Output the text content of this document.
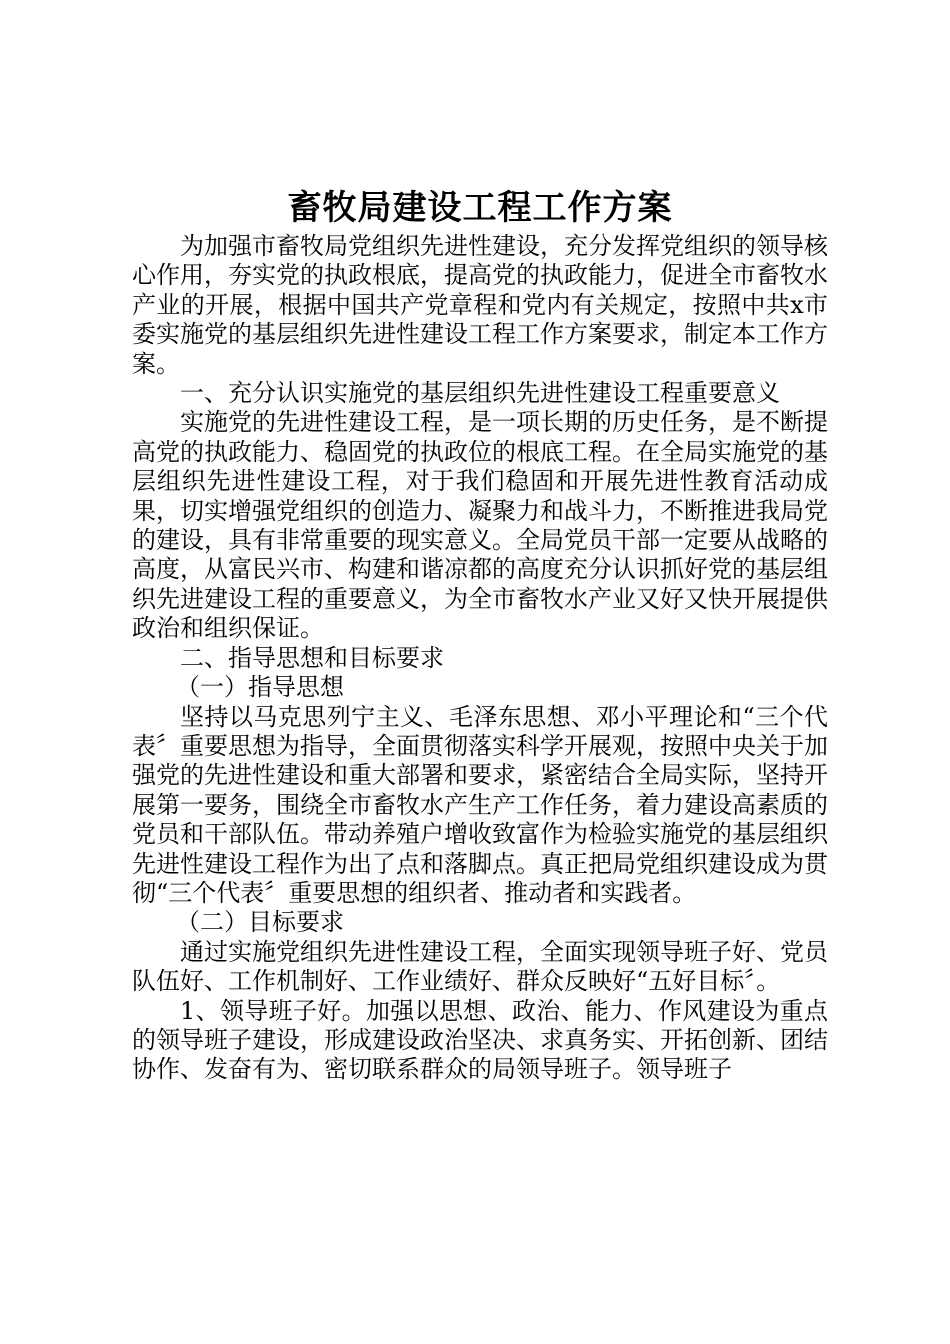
畜牧局建设工程工作方案

为加强市畜牧局党组织先进性建设，充分发挥党组织的领导核心作用，夯实党的执政根底，提高党的执政能力，促进全市畜牧水产业的开展，根据中国共产党章程和党内有关规定，按照中共x市委实施党的基层组织先进性建设工程工作方案要求，制定本工作方案。

一、充分认识实施党的基层组织先进性建设工程重要意义

实施党的先进性建设工程，是一项长期的历史任务，是不断提高党的执政能力、稳固党的执政位的根底工程。在全局实施党的基层组织先进性建设工程，对于我们稳固和开展先进性教育活动成果，切实增强党组织的创造力、凝聚力和战斗力，不断推进我局党的建设，具有非常重要的现实意义。全局党员干部一定要从战略的高度，从富民兴市、构建和谐凉都的高度充分认识抓好党的基层组织先进建设工程的重要意义，为全市畜牧水产业又好又快开展提供政治和组织保证。

二、指导思想和目标要求

（一）指导思想

坚持以马克思列宁主义、毛泽东思想、邓小平理论和“三个代表〞重要思想为指导，全面贯彻落实科学开展观，按照中央关于加强党的先进性建设和重大部署和要求，紧密结合全局实际，坚持开展第一要务，围绕全市畜牧水产生产工作任务，着力建设高素质的党员和干部队伍。带动养殖户增收致富作为检验实施党的基层组织先进性建设工程作为出了点和落脚点。真正把局党组织建设成为贯彻“三个代表〞重要思想的组织者、推动者和实践者。

（二）目标要求

通过实施党组织先进性建设工程，全面实现领导班子好、党员队伍好、工作机制好、工作业绩好、群众反映好“五好目标〞。

1、领导班子好。加强以思想、政治、能力、作风建设为重点的领导班子建设，形成建设政治坚决、求真务实、开拓创新、团结协作、发奋有为、密切联系群众的局领导班子。领导班子
